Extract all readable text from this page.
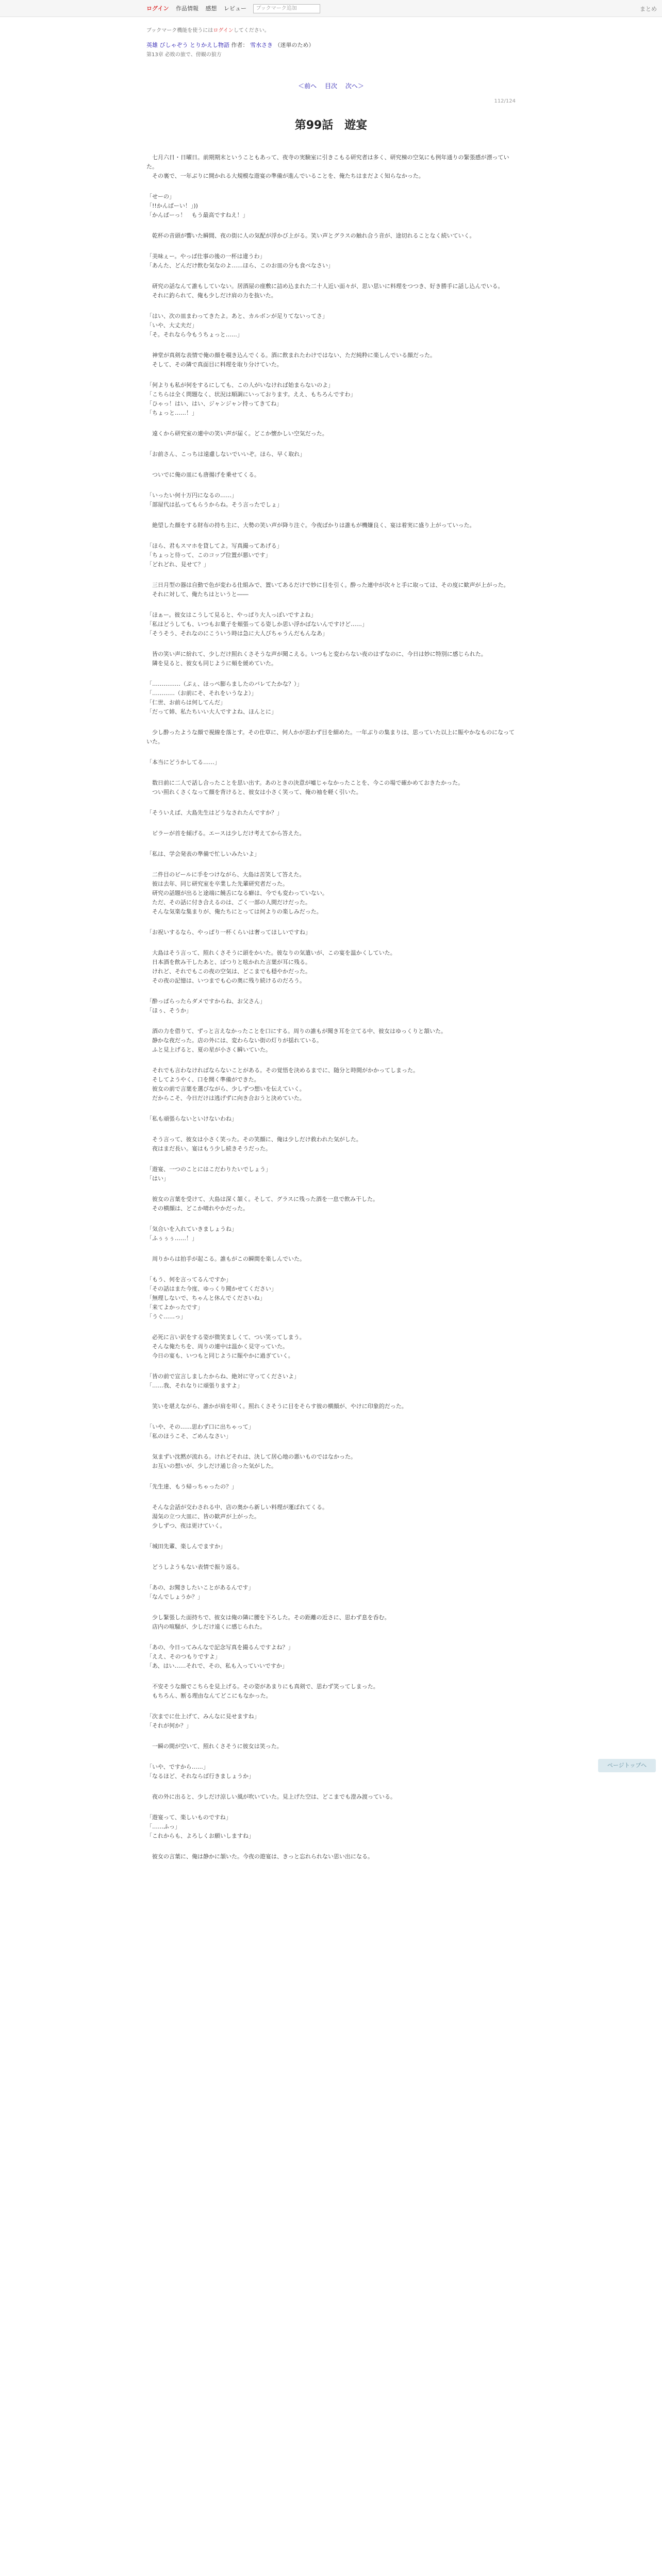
ログイン 作品情報 感想 レビュー ブックマーク追加	まとめ
ブックマーク機能を使うにはログインしてください。
英雄 びしゃぞう とりかえし物語 作者： 雪水さき （迷単のため）
第13章 必敗の旅で、傍観の狼方
＜前へ 目次 次へ＞
112/124
第99話　遊宴

　七月六日・日曜日。前期期末ということもあって、夜寺の実験室に引きこもる研究者は多く、研究棟の空気にも例年通りの緊張感が漂っていた。

　その裏で、一年ぶりに開かれる大規模な遊宴の準備が進んでいることを、俺たちはまだよく知らなかった。

「せーの」

「!!かんぱーい！」))

「かんぱーっ！　もう最高ですねえ！」

　乾杯の音頭が響いた瞬間、夜の街に人の気配が浮かび上がる。笑い声とグラスの触れ合う音が、途切れることなく続いていく。

「美味ぇー。やっぱ仕事の後の一杯は違うわ」

「あんた、どんだけ飲む気なのよ……ほら、このお皿の分も食べなさい」

　研究の話なんて誰もしていない。居酒屋の座敷に詰め込まれた二十人近い面々が、思い思いに料理をつつき、好き勝手に話し込んでいる。

　それに釣られて、俺も少しだけ肩の力を抜いた。

「はい、次の皿まわってきたよ。あと、カルボンが足りてないってさ」

「いや、大丈夫だ」

「そ。それなら今もうちょっと……」

　神堂が真剣な表情で俺の顔を覗き込んでくる。酒に飲まれたわけではない、ただ純粋に楽しんでいる顔だった。

　そして、その隣で真面目に料理を取り分けていた。

「何よりも私が何をするにしても、この人がいなければ始まらないのよ」

「こちらは全く問題なく、状況は順調にいっております。ええ、もちろんですわ」

「ひゃっ！はい、はい、ジャンジャン持ってきてね」

「ちょっと……！」

　遠くから研究室の連中の笑い声が届く。どこか懐かしい空気だった。

「お前さん、こっちは遠慮しないでいいぞ。ほら、早く取れ」

　ついでに俺の皿にも唐揚げを乗せてくる。

「いったい何十万円になるの……」

「部屋代は払ってもらうからね。そう言ったでしょ」

　絶望した顔をする財布の持ち主に、大勢の笑い声が降り注ぐ。今夜ばかりは誰もが機嫌良く、宴は着実に盛り上がっていった。

「ほら、君もスマホを貸してよ。写真撮ってあげる」

「ちょっと待って、このコップ位置が悪いです」

「どれどれ、見せて？」

　三日月型の器は自動で色が変わる仕組みで、置いてあるだけで妙に目を引く。酔った連中が次々と手に取っては、その度に歓声が上がった。

　それに対して、俺たちはというと――

「ほぁー。彼女はこうして見ると、やっぱり大人っぽいですよね」

「私はどうしても、いつもお菓子を頬張ってる姿しか思い浮かばないんですけど……」

「そうそう、それなのにこういう時は急に大人びちゃうんだもんなあ」

　皆の笑い声に紛れて、少しだけ照れくさそうな声が聞こえる。いつもと変わらない夜のはずなのに、今日は妙に特別に感じられた。

　隣を見ると、彼女も同じように頬を緩めていた。

「……………（ぷぇ、ほっぺ膨らましたのバレてたかな？）」

「…………（お前にそ、それをいうなよ）」

「仁世、お前らは何してんだ」

「だって姉、私たちいい大人ですよね、ほんとに」

　少し酔ったような顔で視線を落とす。その仕草に、何人かが思わず目を細めた。一年ぶりの集まりは、思っていた以上に賑やかなものになっていた。

「本当にどうかしてる……」

　数日前に二人で話し合ったことを思い出す。あのときの決意が嘘じゃなかったことを、今この場で確かめておきたかった。

　つい照れくさくなって顔を背けると、彼女は小さく笑って、俺の袖を軽く引いた。

「そういえば、大島先生はどうなされたんですか？」

　ピラーが首を傾げる。エースは少しだけ考えてから答えた。

「私は、学会発表の準備で忙しいみたいよ」

　二件目のビールに手をつけながら、大島は苦笑して答えた。

　彼は去年、同じ研究室を卒業した先輩研究者だった。

　研究の話題が出ると途端に饒舌になる癖は、今でも変わっていない。

　ただ、その話に付き合えるのは、ごく一部の人間だけだった。

　そんな気楽な集まりが、俺たちにとっては何よりの楽しみだった。

「お祝いするなら、やっぱり一杯くらいは奢ってほしいですね」

　大島はそう言って、照れくさそうに頭をかいた。彼なりの気遣いが、この宴を温かくしていた。

　日本酒を飲み干したあと、ぽつりと呟かれた言葉が耳に残る。

　けれど、それでもこの夜の空気は、どこまでも穏やかだった。

　その夜の記憶は、いつまでも心の奥に残り続けるのだろう。

「酔っぱらったらダメですからね、お父さん」

「ほぅ、そうか」

　酒の力を借りて、ずっと言えなかったことを口にする。周りの誰もが聞き耳を立てる中、彼女はゆっくりと頷いた。

　静かな夜だった。店の外には、変わらない街の灯りが揺れている。

　ふと見上げると、夏の星が小さく瞬いていた。

　それでも言わなければならないことがある。その覚悟を決めるまでに、随分と時間がかかってしまった。

　そしてようやく、口を開く準備ができた。

　彼女の前で言葉を選びながら、少しずつ想いを伝えていく。

　だからこそ、今日だけは逃げずに向き合おうと決めていた。

「私も頑張らないといけないわね」

　そう言って、彼女は小さく笑った。その笑顔に、俺は少しだけ救われた気がした。

　夜はまだ長い。宴はもう少し続きそうだった。

「遊宴、一つのことにはこだわりたいでしょう」

「はい」

　彼女の言葉を受けて、大島は深く頷く。そして、グラスに残った酒を一息で飲み干した。

　その横顔は、どこか晴れやかだった。

「気合いを入れていきましょうね」

「ふぅぅぅ……！」

　周りからは拍手が起こる。誰もがこの瞬間を楽しんでいた。

「もう、何を言ってるんですか」

「その話はまた今度、ゆっくり聞かせてください」

「無理しないで、ちゃんと休んでくださいね」

「来てよかったです」

「うぐ……っ」

　必死に言い訳をする姿が微笑ましくて、つい笑ってしまう。

　そんな俺たちを、周りの連中は温かく見守っていた。

　今日の宴も、いつもと同じように賑やかに過ぎていく。

「皆の前で宣言しましたからね、絶対に守ってくださいよ」

「……我、それなりに頑張りますよ」

　笑いを堪えながら、誰かが肩を叩く。照れくさそうに目をそらす彼の横顔が、やけに印象的だった。

「いや、その……思わず口に出ちゃって」

「私のほうこそ、ごめんなさい」

　気まずい沈黙が流れる。けれどそれは、決して居心地の悪いものではなかった。

　お互いの想いが、少しだけ通じ合った気がした。

「先生達、もう帰っちゃったの？」

　そんな会話が交わされる中、店の奥から新しい料理が運ばれてくる。

　湯気の立つ大皿に、皆の歓声が上がった。

　少しずつ、夜は更けていく。

「城田先輩、楽しんでますか」

　どうしようもない表情で振り返る。

「あの、お聞きしたいことがあるんです」

「なんでしょうか？」

　少し緊張した面持ちで、彼女は俺の隣に腰を下ろした。その距離の近さに、思わず息を呑む。

　店内の喧騒が、少しだけ遠くに感じられた。

「あの、今日ってみんなで記念写真を撮るんですよね？」

「ええ、そのつもりですよ」

「あ、はい……それで、その、私も入っていいですか」

　不安そうな顔でこちらを見上げる。その姿があまりにも真剣で、思わず笑ってしまった。

　もちろん、断る理由なんてどこにもなかった。

「次までに仕上げて、みんなに見せますね」

「それが何か？」

　一瞬の間が空いて、照れくさそうに彼女は笑った。

「いや、ですから……」

「なるほど、それならば行きましょうか」

　夜の外に出ると、少しだけ涼しい風が吹いていた。見上げた空は、どこまでも澄み渡っている。

「遊宴って、楽しいものですね」

「……ふっ」

「これからも、よろしくお願いしますね」

　彼女の言葉に、俺は静かに頷いた。今夜の遊宴は、きっと忘れられない思い出になる。

ページトップへ
